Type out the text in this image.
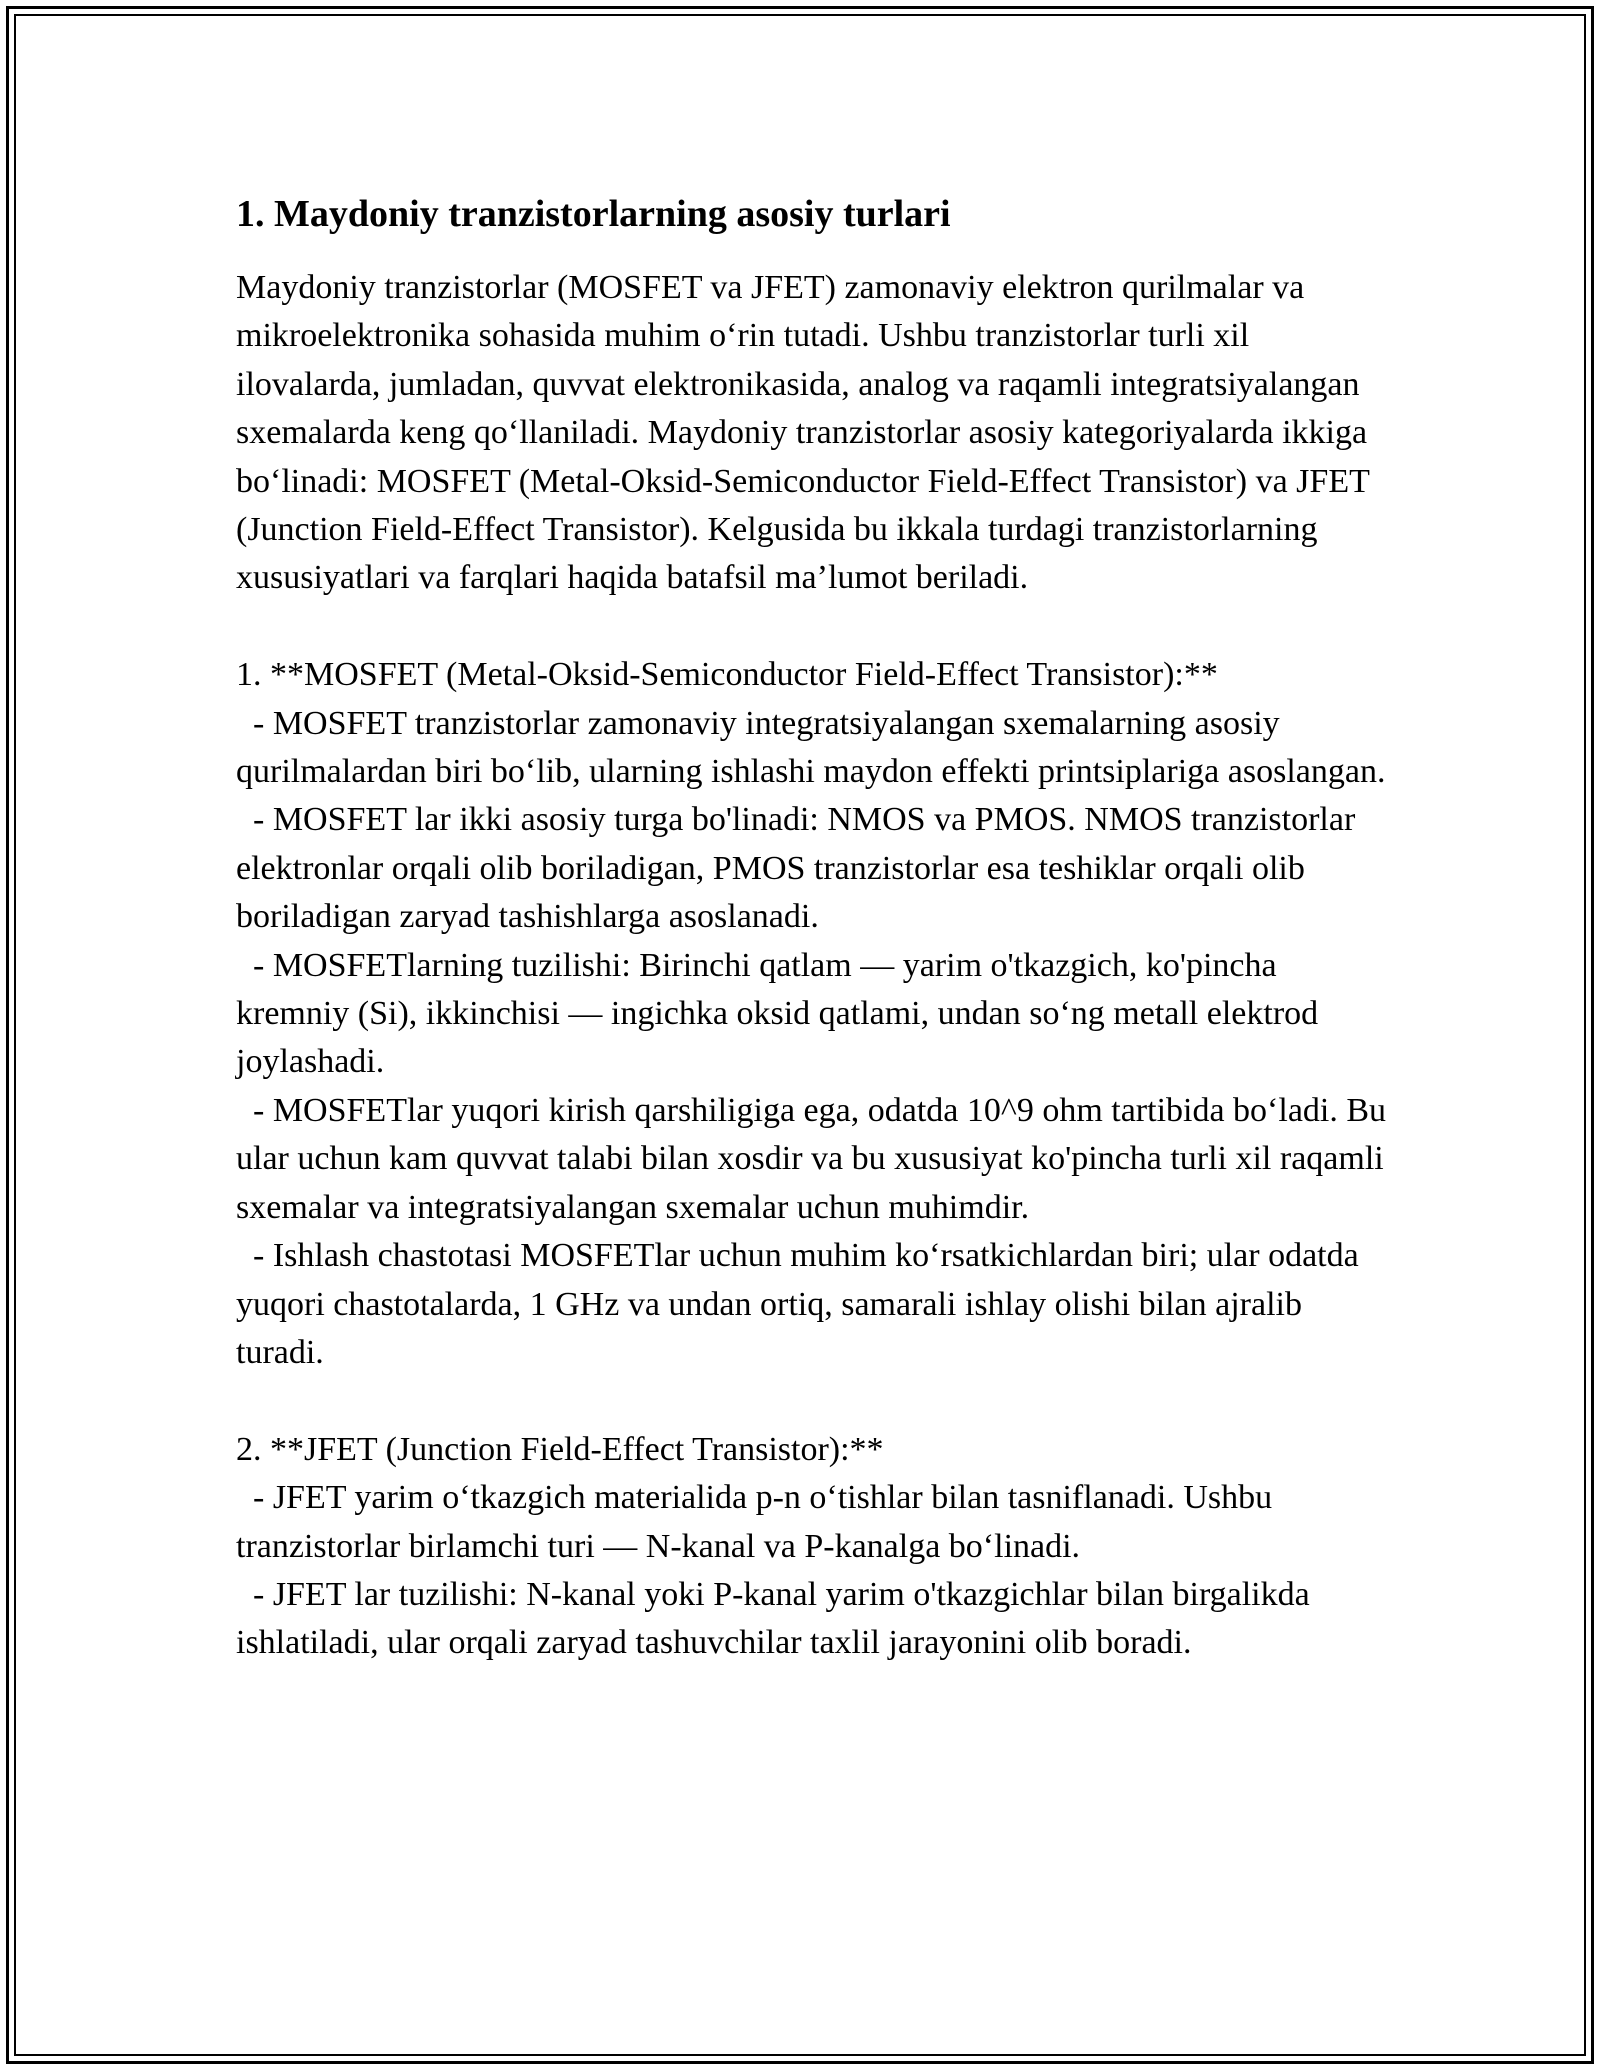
1. Maydoniy tranzistorlarning asosiy turlari

Maydoniy tranzistorlar (MOSFET va JFET) zamonaviy elektron qurilmalar va mikroelektronika sohasida muhim o‘rin tutadi. Ushbu tranzistorlar turli xil ilovalarda, jumladan, quvvat elektronikasida, analog va raqamli integratsiyalangan sxemalarda keng qo‘llaniladi. Maydoniy tranzistorlar asosiy kategoriyalarda ikkiga bo‘linadi: MOSFET (Metal-Oksid-Semiconductor Field-Effect Transistor) va JFET (Junction Field-Effect Transistor). Kelgusida bu ikkala turdagi tranzistorlarning xususiyatlari va farqlari haqida batafsil ma’lumot beriladi.

1. **MOSFET (Metal-Oksid-Semiconductor Field-Effect Transistor):**

- MOSFET tranzistorlar zamonaviy integratsiyalangan sxemalarning asosiy qurilmalardan biri bo‘lib, ularning ishlashi maydon effekti printsiplariga asoslangan.

- MOSFET lar ikki asosiy turga bo'linadi: NMOS va PMOS. NMOS tranzistorlar elektronlar orqali olib boriladigan, PMOS tranzistorlar esa teshiklar orqali olib boriladigan zaryad tashishlarga asoslanadi.

- MOSFETlarning tuzilishi: Birinchi qatlam — yarim o'tkazgich, ko'pincha kremniy (Si), ikkinchisi — ingichka oksid qatlami, undan so‘ng metall elektrod joylashadi.

- MOSFETlar yuqori kirish qarshiligiga ega, odatda 10^9 ohm tartibida bo‘ladi. Bu ular uchun kam quvvat talabi bilan xosdir va bu xususiyat ko'pincha turli xil raqamli sxemalar va integratsiyalangan sxemalar uchun muhimdir.

- Ishlash chastotasi MOSFETlar uchun muhim ko‘rsatkichlardan biri; ular odatda yuqori chastotalarda, 1 GHz va undan ortiq, samarali ishlay olishi bilan ajralib turadi.

2. **JFET (Junction Field-Effect Transistor):**

- JFET yarim o‘tkazgich materialida p-n o‘tishlar bilan tasniflanadi. Ushbu tranzistorlar birlamchi turi — N-kanal va P-kanalga bo‘linadi.

- JFET lar tuzilishi: N-kanal yoki P-kanal yarim o'tkazgichlar bilan birgalikda ishlatiladi, ular orqali zaryad tashuvchilar taxlil jarayonini olib boradi.
